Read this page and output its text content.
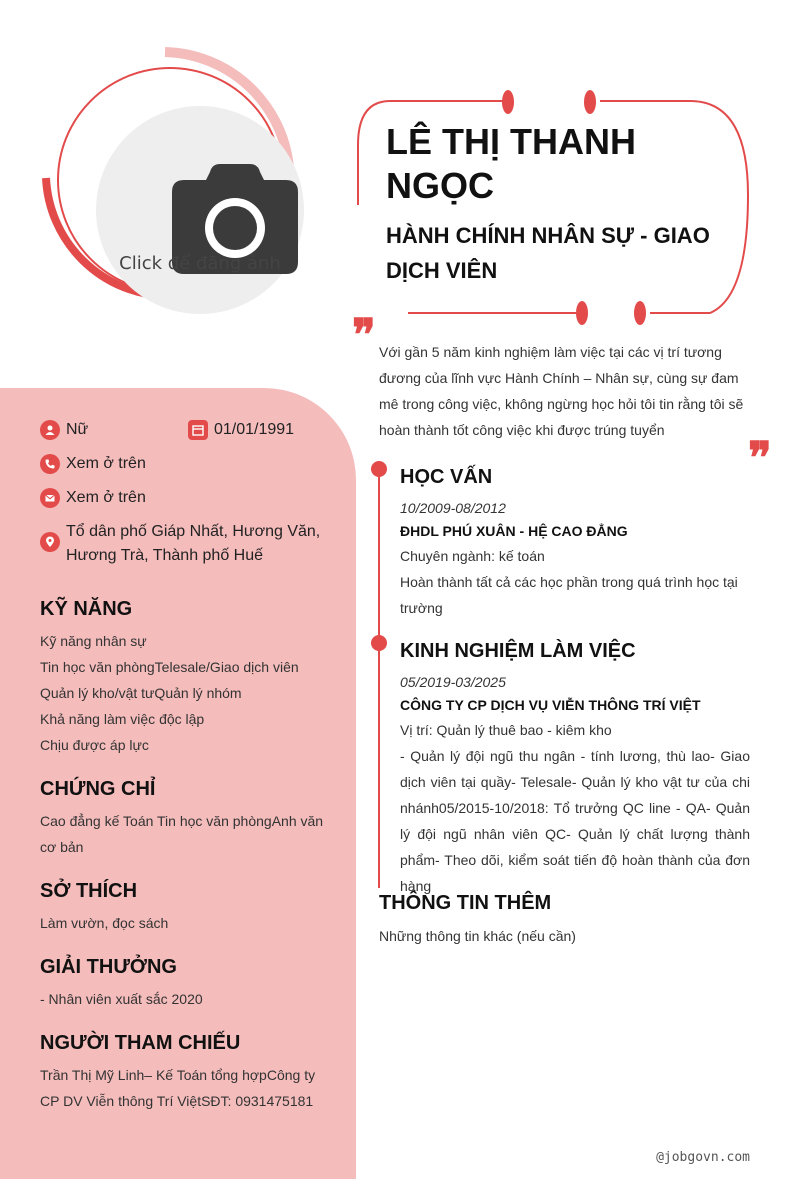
Click để đăng ảnh
LÊ THỊ THANH NGỌC
HÀNH CHÍNH NHÂN SỰ - GIAO DỊCH VIÊN
❞ Với gần 5 năm kinh nghiệm làm việc tại các vị trí tương đương của lĩnh vực Hành Chính – Nhân sự, cùng sự đam mê trong công việc, không ngừng học hỏi tôi tin rằng tôi sẽ hoàn thành tốt công việc khi được trúng tuyển
❞
Nữ	01/01/1991
Xem ở trên
Xem ở trên
Tổ dân phố Giáp Nhất, Hương Văn, Hương Trà, Thành phố Huế
KỸ NĂNG
Kỹ năng nhân sự
Tin học văn phòngTelesale/Giao dịch viên
Quản lý kho/vật tưQuản lý nhóm
Khả năng làm việc độc lập
Chịu được áp lực
CHỨNG CHỈ
Cao đẳng kế Toán Tin học văn phòngAnh văn cơ bản
SỞ THÍCH
Làm vườn, đọc sách
GIẢI THƯỞNG
- Nhân viên xuất sắc 2020
NGƯỜI THAM CHIẾU
Trần Thị Mỹ Linh– Kế Toán tổng hợpCông ty CP DV Viễn thông Trí ViệtSĐT: 0931475181
HỌC VẤN
10/2009-08/2012
ĐHDL PHÚ XUÂN - HỆ CAO ĐẲNG
Chuyên ngành: kế toán
Hoàn thành tất cả các học phần trong quá trình học tại trường
KINH NGHIỆM LÀM VIỆC
05/2019-03/2025
CÔNG TY CP DỊCH VỤ VIỄN THÔNG TRÍ VIỆT
Vị trí: Quản lý thuê bao - kiêm kho
- Quản lý đội ngũ thu ngân - tính lương, thù lao- Giao dịch viên tại quầy- Telesale- Quản lý kho vật tư của chi nhánh05/2015-10/2018: Tổ trưởng QC line - QA- Quản lý đội ngũ nhân viên QC- Quản lý chất lượng thành phẩm- Theo dõi, kiểm soát tiến độ hoàn thành của đơn hàng
THÔNG TIN THÊM
Những thông tin khác (nếu cần)
@jobgovn.com
